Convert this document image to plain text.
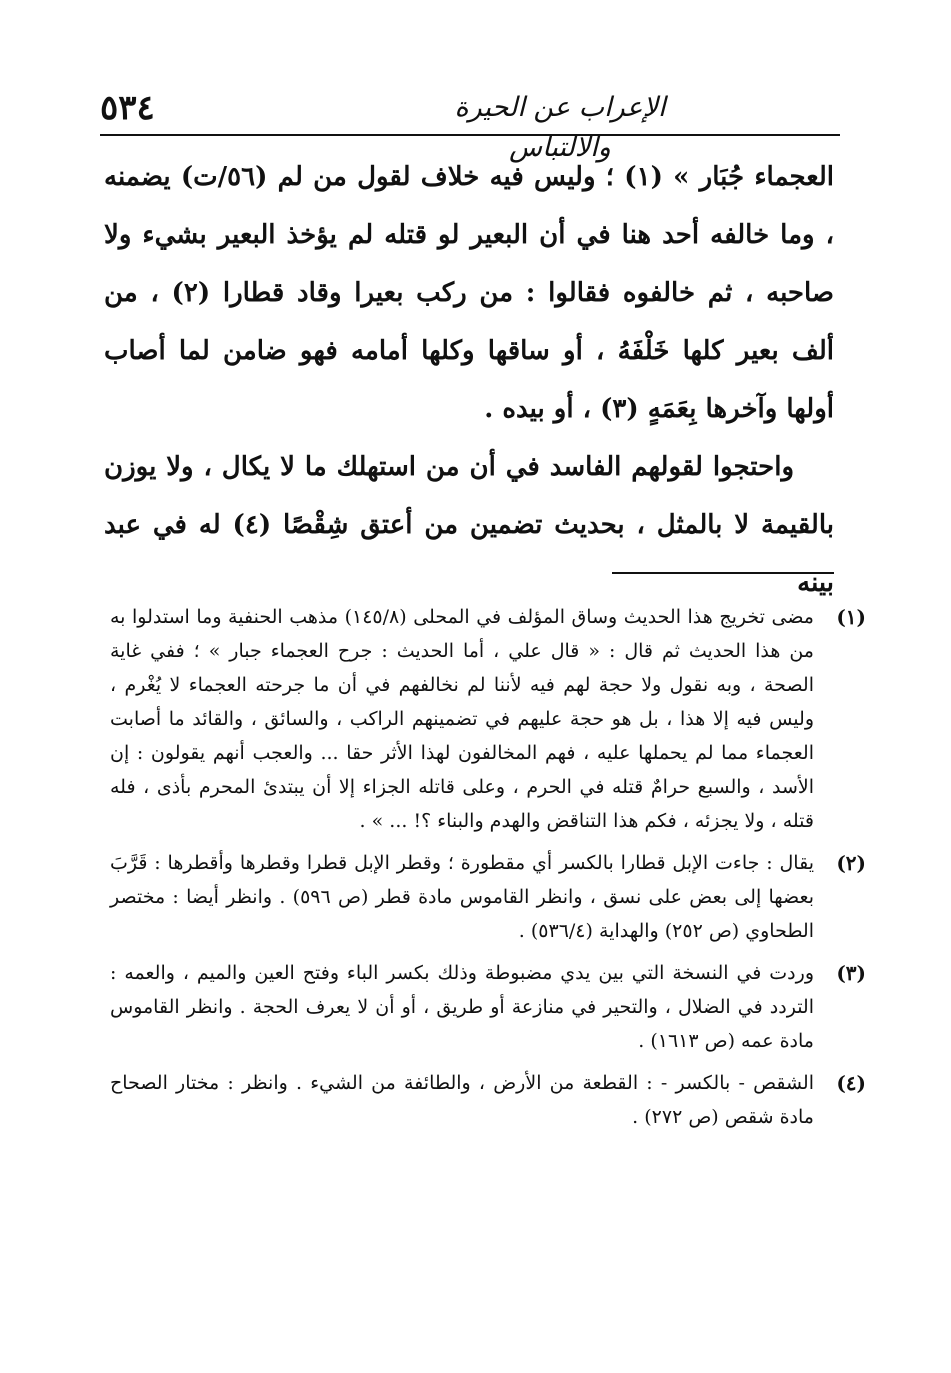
٥٣٤	الإعراب عن الحيرة والالتباس

العجماء جُبَار » (١) ؛ وليس فيه خلاف لقول من لم (٥٦/ت) يضمنه ، وما خالفه أحد هنا في أن البعير لو قتله لم يؤخذ البعير بشيء ولا صاحبه ، ثم خالفوه فقالوا : من ركب بعيرا وقاد قطارا (٢) ، من ألف بعير كلها خَلْفَهُ ، أو ساقها وكلها أمامه فهو ضامن لما أصاب أولها وآخرها بِعَمَهٍ (٣) ، أو بيده .

واحتجوا لقولهم الفاسد في أن من استهلك ما لا يكال ، ولا يوزن بالقيمة لا بالمثل ، بحديث تضمين من أعتق شِقْصًا (٤) له في عبد بينه

(١)
مضى تخريج هذا الحديث وساق المؤلف في المحلى (١٤٥/٨) مذهب الحنفية وما استدلوا به من هذا الحديث ثم قال : « قال علي ، أما الحديث : جرح العجماء جبار » ؛ ففي غاية الصحة ، وبه نقول ولا حجة لهم فيه لأننا لم نخالفهم في أن ما جرحته العجماء لا يُغْرم ، وليس فيه إلا هذا ، بل هو حجة عليهم في تضمينهم الراكب ، والسائق ، والقائد ما أصابت العجماء مما لم يحملها عليه ، فهم المخالفون لهذا الأثر حقا ... والعجب أنهم يقولون : إن الأسد ، والسبع حرامٌ قتله في الحرم ، وعلى قاتله الجزاء إلا أن يبتدئ المحرم بأذى ، فله قتله ، ولا يجزئه ، فكم هذا التناقض والهدم والبناء ؟! ... » .
(٢)
يقال : جاءت الإبل قطارا بالكسر أي مقطورة ؛ وقطر الإبل قطرا وقطرها وأقطرها : قَرَّبَ بعضها إلى بعض على نسق ، وانظر القاموس مادة قطر (ص ٥٩٦) . وانظر أيضا : مختصر الطحاوي (ص ٢٥٢) والهداية (٥٣٦/٤) .
(٣)
وردت في النسخة التي بين يدي مضبوطة وذلك بكسر الباء وفتح العين والميم ، والعمه : التردد في الضلال ، والتحير في منازعة أو طريق ، أو أن لا يعرف الحجة . وانظر القاموس مادة عمه (ص ١٦١٣) .
(٤)
الشقص - بالكسر - : القطعة من الأرض ، والطائفة من الشيء . وانظر : مختار الصحاح مادة شقص (ص ٢٧٢) .
